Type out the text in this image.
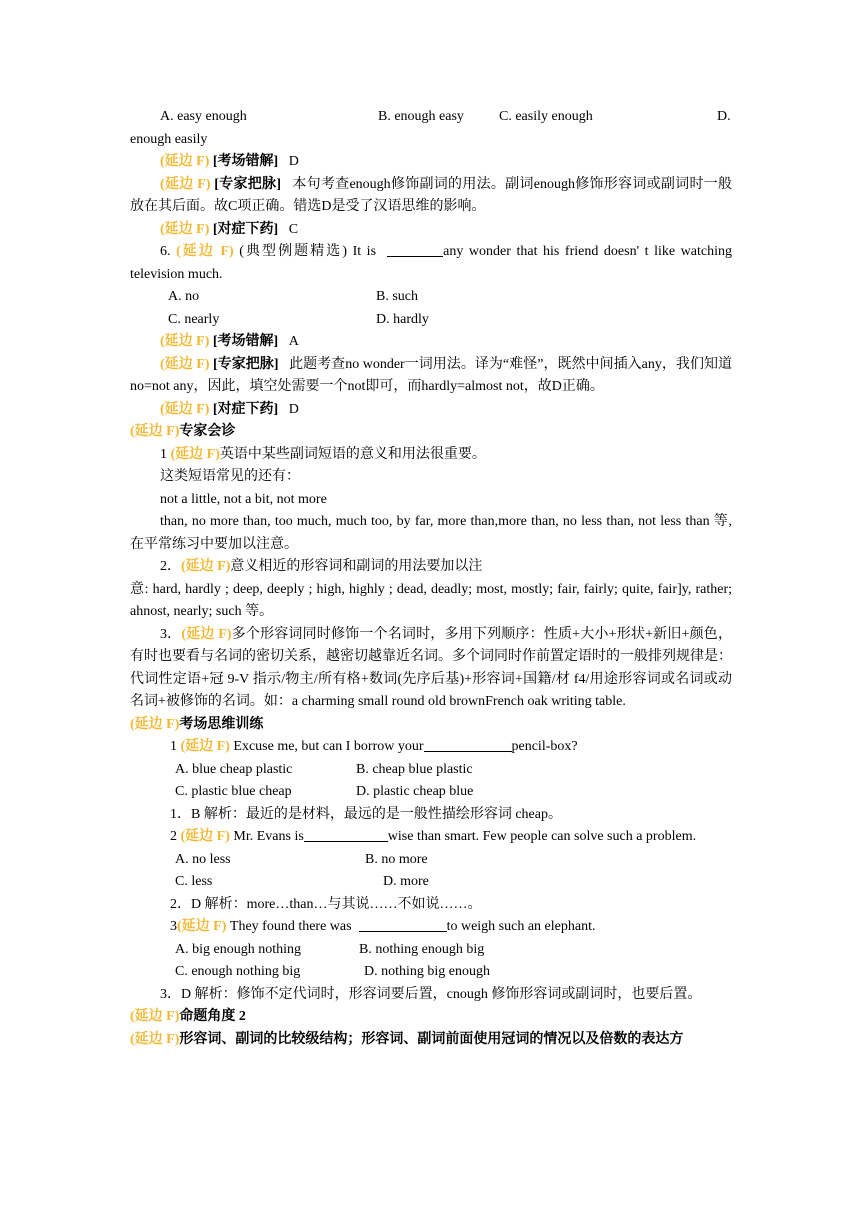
A. easy enough	B. enough easy	C. easily enough	D.

enough easily

(延边 F) [考场错解] D

(延边 F) [专家把脉] 本句考查enough修饰副词的用法。副词enough修饰形容词或副词时一般放在其后面。故C项正确。错选D是受了汉语思维的影响。

(延边 F) [对症下药] C

6. (延边 F) (典型例题精选) It is	any wonder that his friend doesn' t like watching television much.

A. no	B. such
C. nearly	D. hardly

(延边 F) [考场错解] A

(延边 F) [专家把脉] 此题考查no wonder一词用法。译为“难怪”，既然中间插入any，我们知道no=not any，因此，填空处需要一个not即可，而hardly=almost not，故D正确。

(延边 F) [对症下药] D

(延边 F)专家会诊

1 (延边 F)英语中某些副词短语的意义和用法很重要。

这类短语常见的还有：

not a little, not a bit, not more

than, no more than, too much, much too, by far, more than,more than, no less than, not less than 等, 在平常练习中要加以注意。

2．(延边 F)意义相近的形容词和副词的用法要加以注

意: hard, hardly ; deep, deeply ; high, highly ; dead, deadly; most, mostly; fair, fairly; quite, fair]y, rather; ahnost, nearly; such 等。

3．(延边 F)多个形容词同时修饰一个名词时，多用下列顺序：性质+大小+形状+新旧+颜色，有时也要看与名词的密切关系，越密切越靠近名词。多个词同时作前置定语时的一般排列规律是：代词性定语+冠 9-V 指示/物主/所有格+数词(先序后基)+形容词+国籍/材 f4/用途形容词或名词或动名词+被修饰的名词。如：a charming small round old brownFrench oak writing table.

(延边 F)考场思维训练

1 (延边 F) Excuse me, but can I borrow your	pencil-box?

A. blue cheap plastic	B. cheap blue plastic
C. plastic blue cheap	D. plastic cheap blue

1．B 解析：最近的是材料，最远的是一般性描绘形容词 cheap。

2 (延边 F) Mr. Evans is	wise than smart. Few people can solve such a problem.

A. no less	B. no more
C. less	D. more

2．D 解析：more…than…与其说……不如说……。

3(延边 F) They found there was	to weigh such an elephant.

A. big enough nothing	B. nothing enough big
C. enough nothing big	D. nothing big enough

3．D 解析：修饰不定代词时，形容词要后置，cnough 修饰形容词或副词时，也要后置。

(延边 F)命题角度 2

(延边 F)形容词、副词的比较级结构；形容词、副词前面使用冠词的情况以及倍数的表达方
